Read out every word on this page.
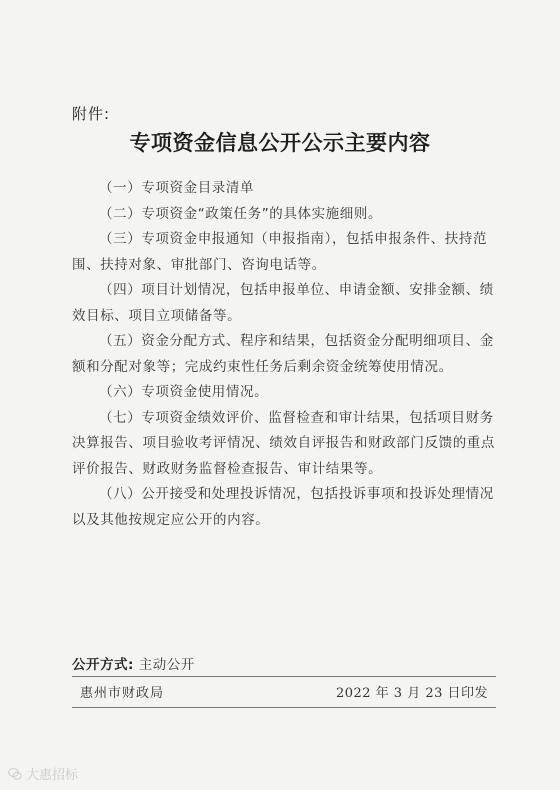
附件:
专项资金信息公开公示主要内容

（一）专项资金目录清单

（二）专项资金“政策任务”的具体实施细则。

（三）专项资金申报通知（申报指南），包括申报条件、扶持范围、扶持对象、审批部门、咨询电话等。

（四）项目计划情况，包括申报单位、申请金额、安排金额、绩效目标、项目立项储备等。

（五）资金分配方式、程序和结果，包括资金分配明细项目、金额和分配对象等；完成约束性任务后剩余资金统筹使用情况。

（六）专项资金使用情况。

（七）专项资金绩效评价、监督检查和审计结果，包括项目财务决算报告、项目验收考评情况、绩效自评报告和财政部门反馈的重点评价报告、财政财务监督检查报告、审计结果等。

（八）公开接受和处理投诉情况，包括投诉事项和投诉处理情况以及其他按规定应公开的内容。

公开方式: 主动公开
惠州市财政局	2022 年 3 月 23 日印发
大惠招标
